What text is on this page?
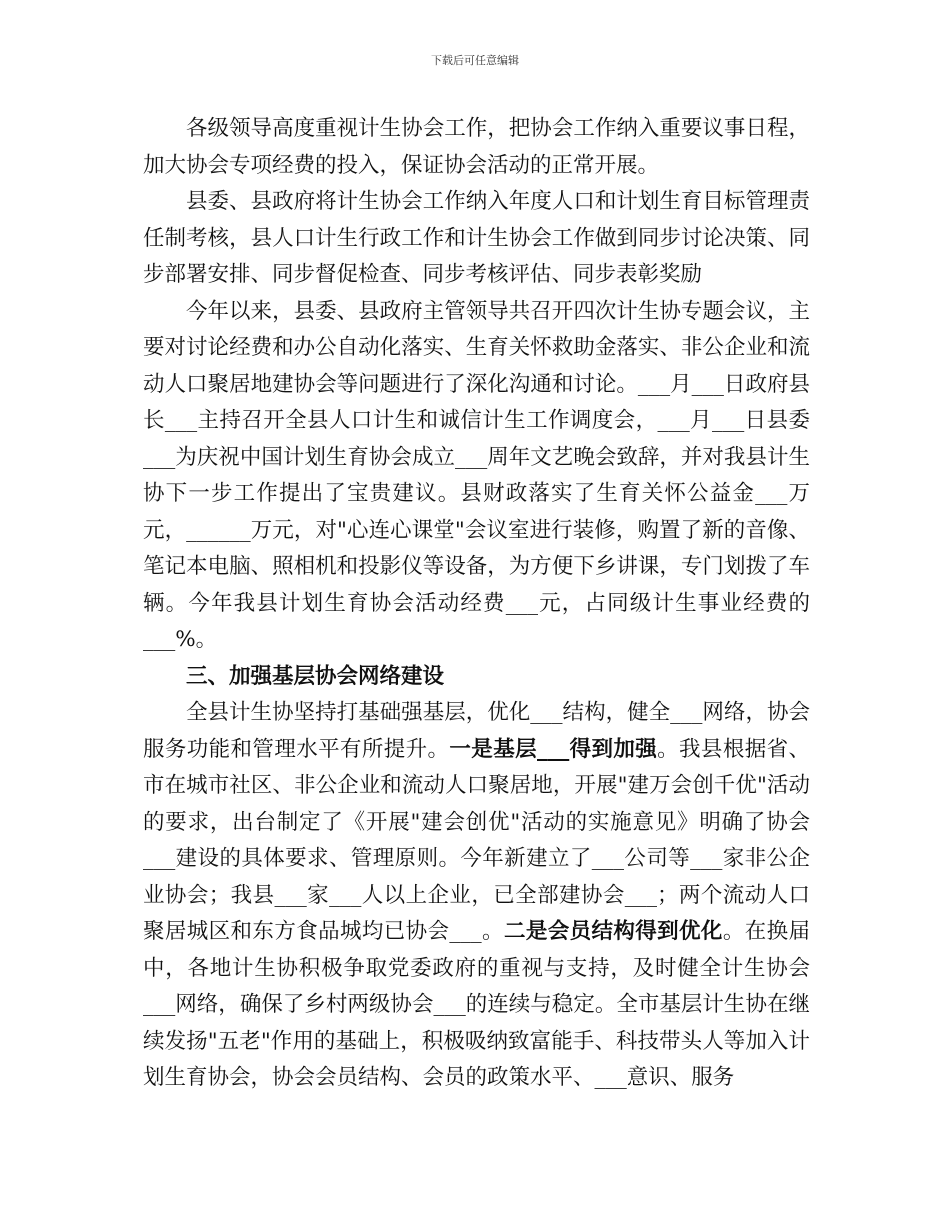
下载后可任意编辑

各级领导高度重视计生协会工作，把协会工作纳入重要议事日程，加大协会专项经费的投入，保证协会活动的正常开展。

县委、县政府将计生协会工作纳入年度人口和计划生育目标管理责任制考核，县人口计生行政工作和计生协会工作做到同步讨论决策、同步部署安排、同步督促检查、同步考核评估、同步表彰奖励

今年以来，县委、县政府主管领导共召开四次计生协专题会议，主要对讨论经费和办公自动化落实、生育关怀救助金落实、非公企业和流动人口聚居地建协会等问题进行了深化沟通和讨论。___月___日政府县长___主持召开全县人口计生和诚信计生工作调度会，___月___日县委___为庆祝中国计划生育协会成立___周年文艺晚会致辞，并对我县计生协下一步工作提出了宝贵建议。县财政落实了生育关怀公益金___万元，______万元，对"心连心课堂"会议室进行装修，购置了新的音像、笔记本电脑、照相机和投影仪等设备，为方便下乡讲课，专门划拨了车辆。今年我县计划生育协会活动经费___元，占同级计生事业经费的___%。

三、加强基层协会网络建设

全县计生协坚持打基础强基层，优化___结构，健全___网络，协会服务功能和管理水平有所提升。一是基层___得到加强。我县根据省、市在城市社区、非公企业和流动人口聚居地，开展"建万会创千优"活动的要求，出台制定了《开展"建会创优"活动的实施意见》明确了协会___建设的具体要求、管理原则。今年新建立了___公司等___家非公企业协会；我县___家___人以上企业，已全部建协会___；两个流动人口聚居城区和东方食品城均已协会___。二是会员结构得到优化。在换届中，各地计生协积极争取党委政府的重视与支持，及时健全计生协会___网络，确保了乡村两级协会___的连续与稳定。全市基层计生协在继续发扬"五老"作用的基础上，积极吸纳致富能手、科技带头人等加入计划生育协会，协会会员结构、会员的政策水平、___意识、服务
